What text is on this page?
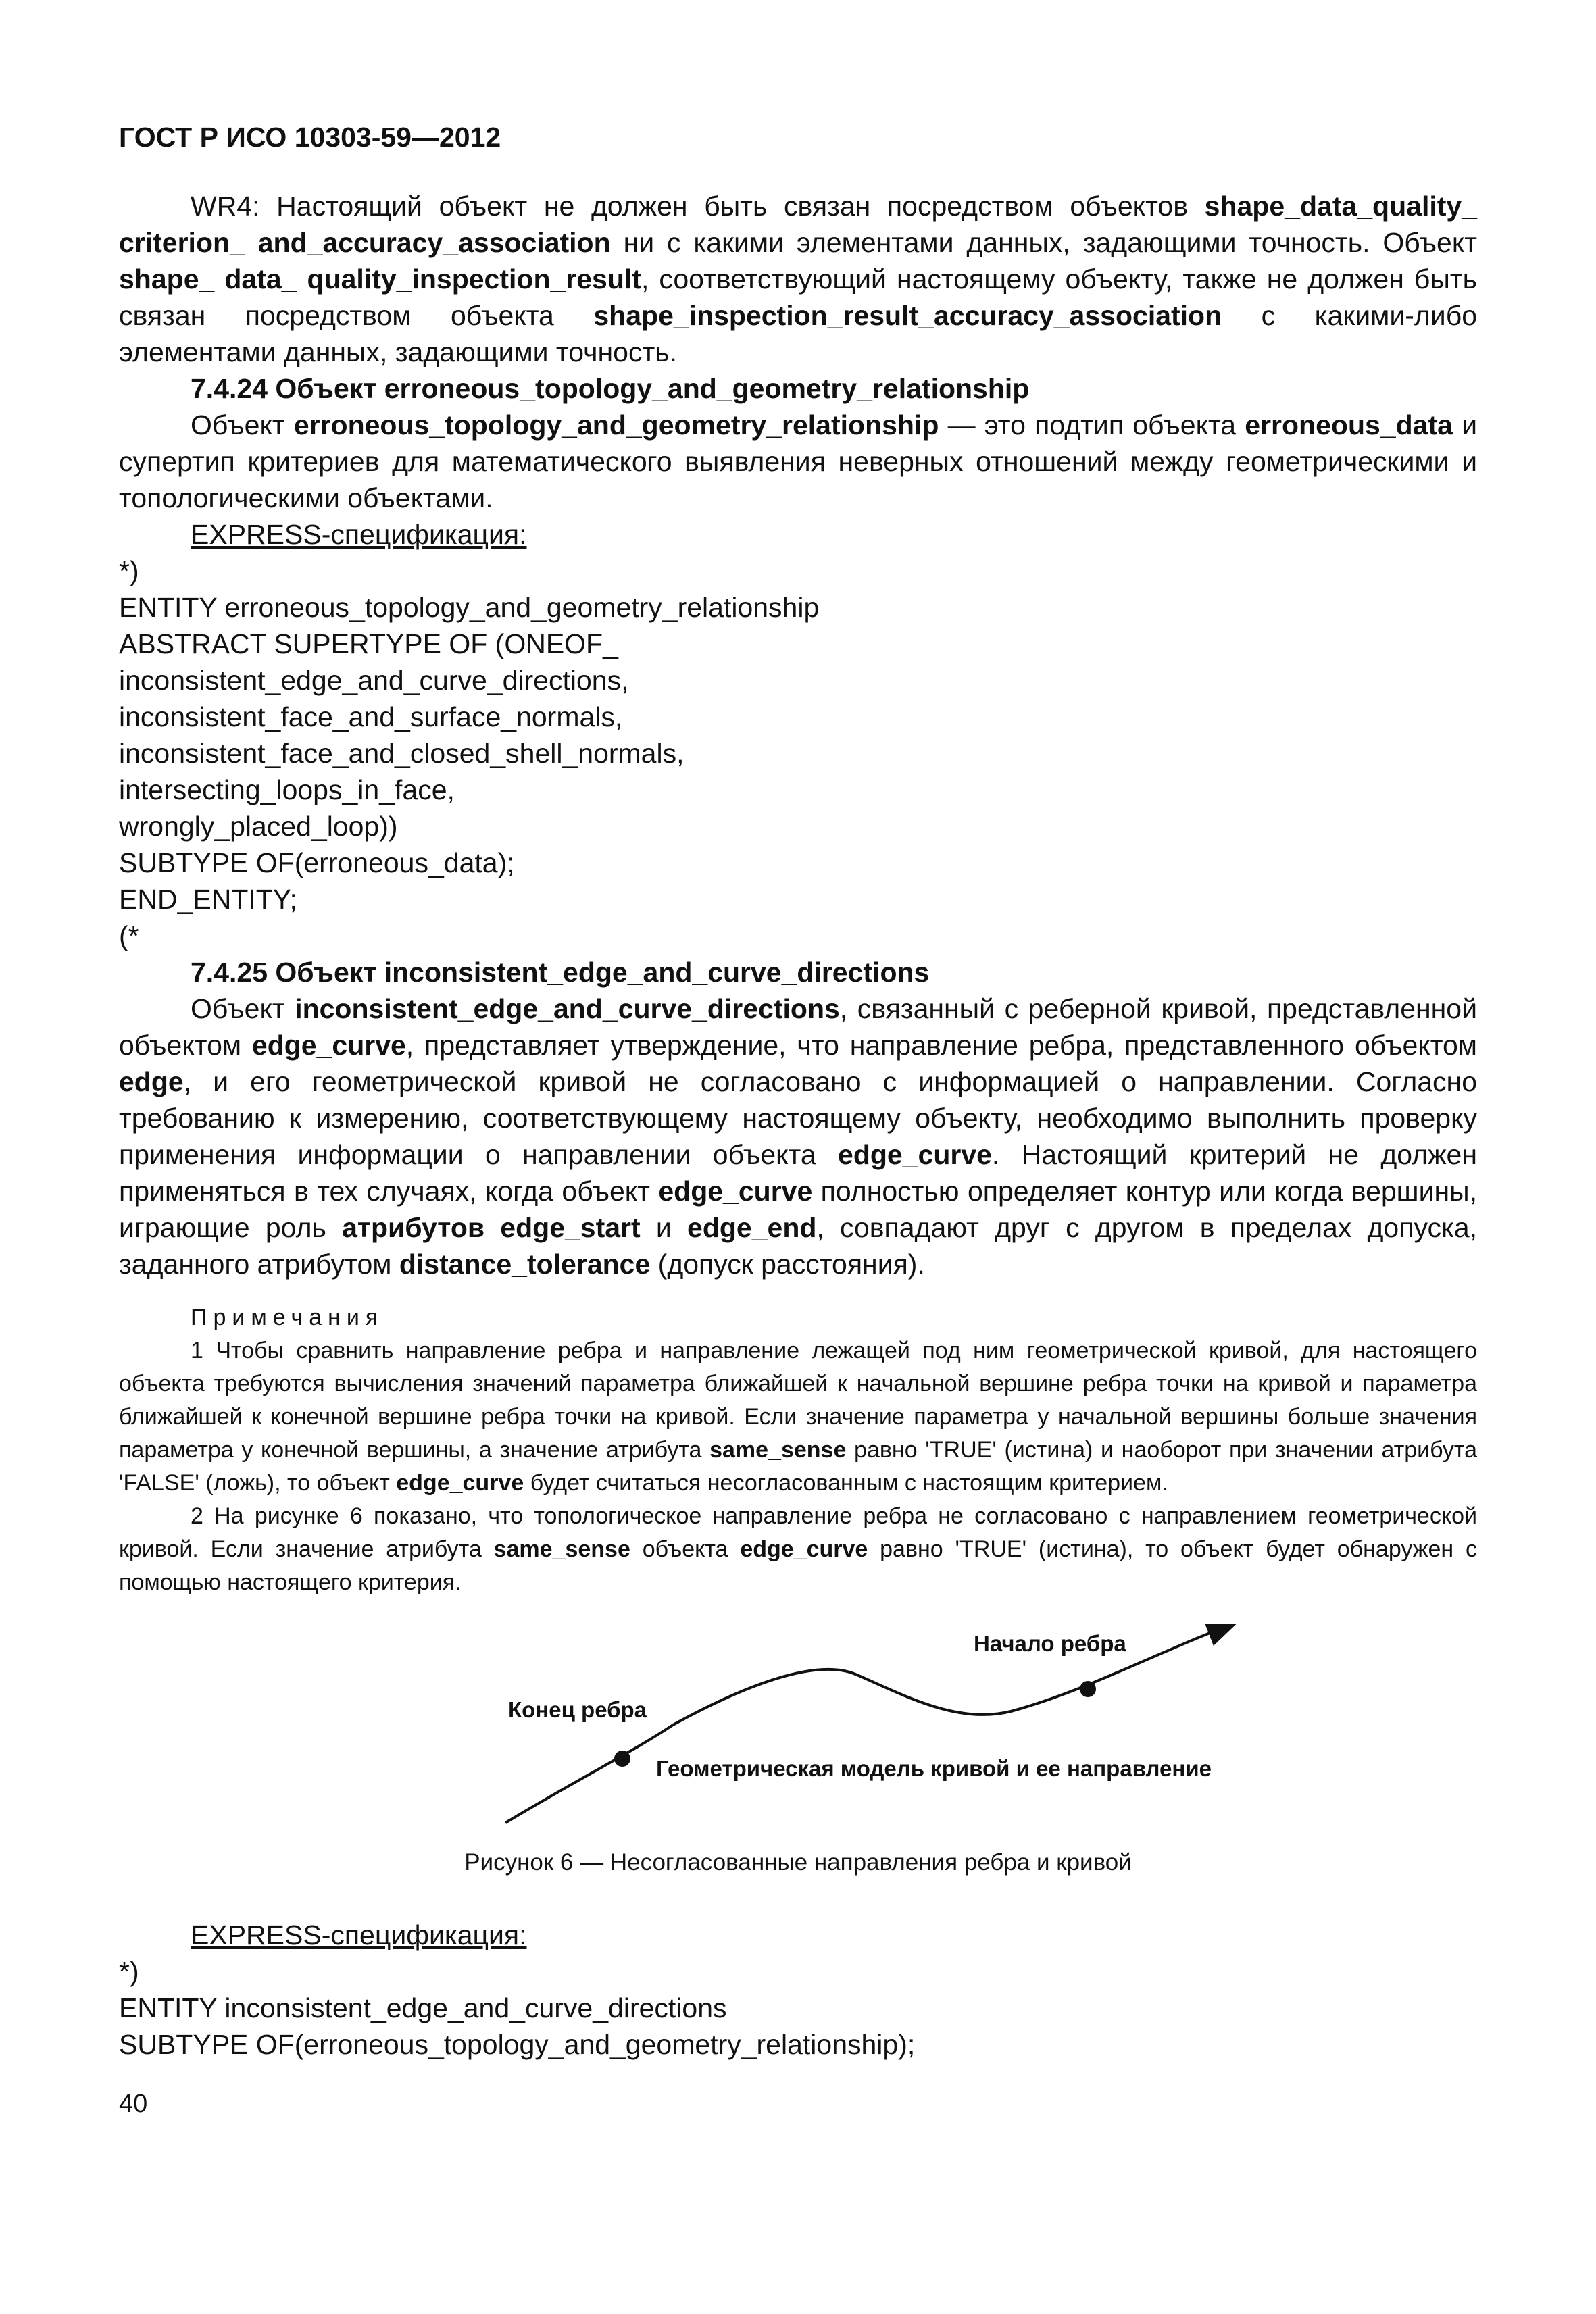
ГОСТ Р ИСО 10303-59—2012

WR4: Настоящий объект не должен быть связан посредством объектов shape_data_quality_ criterion_ and_accuracy_association ни с какими элементами данных, задающими точность. Объект shape_ data_ quality_inspection_result, соответствующий настоящему объекту, также не должен быть связан посредством объекта shape_inspection_result_accuracy_association с какими-либо элементами данных, задающими точность.

7.4.24 Объект erroneous_topology_and_geometry_relationship

Объект erroneous_topology_and_geometry_relationship — это подтип объекта erroneous_data и супертип критериев для математического выявления неверных отношений между геометрическими и топологическими объектами.

EXPRESS-спецификация:

*)
ENTITY erroneous_topology_and_geometry_relationship
ABSTRACT SUPERTYPE OF (ONEOF_
inconsistent_edge_and_curve_directions,
inconsistent_face_and_surface_normals,
inconsistent_face_and_closed_shell_normals,
intersecting_loops_in_face,
wrongly_placed_loop))
SUBTYPE OF(erroneous_data);
END_ENTITY;
(*

7.4.25 Объект inconsistent_edge_and_curve_directions

Объект inconsistent_edge_and_curve_directions, связанный с реберной кривой, представленной объектом edge_curve, представляет утверждение, что направление ребра, представленного объектом edge, и его геометрической кривой не согласовано с информацией о направлении. Согласно требованию к измерению, соответствующему настоящему объекту, необходимо выполнить проверку применения информации о направлении объекта edge_curve. Настоящий критерий не должен применяться в тех случаях, когда объект edge_curve полностью определяет контур или когда вершины, играющие роль атрибутов edge_start и edge_end, совпадают друг с другом в пределах допуска, заданного атрибутом distance_tolerance (допуск расстояния).

Примечания

1 Чтобы сравнить направление ребра и направление лежащей под ним геометрической кривой, для настоящего объекта требуются вычисления значений параметра ближайшей к начальной вершине ребра точки на кривой и параметра ближайшей к конечной вершине ребра точки на кривой. Если значение параметра у начальной вершины больше значения параметра у конечной вершины, а значение атрибута same_sense равно 'TRUE' (истина) и наоборот при значении атрибута 'FALSE' (ложь), то объект edge_curve будет считаться несогласованным с настоящим критерием.

2 На рисунке 6 показано, что топологическое направление ребра не согласовано с направлением геометрической кривой. Если значение атрибута same_sense объекта edge_curve равно 'TRUE' (истина), то объект будет обнаружен с помощью настоящего критерия.

Начало ребра
Конец ребра
Геометрическая модель кривой и ее направление

Рисунок 6 — Несогласованные направления ребра и кривой

EXPRESS-спецификация:

*)
ENTITY inconsistent_edge_and_curve_directions
SUBTYPE OF(erroneous_topology_and_geometry_relationship);
40
